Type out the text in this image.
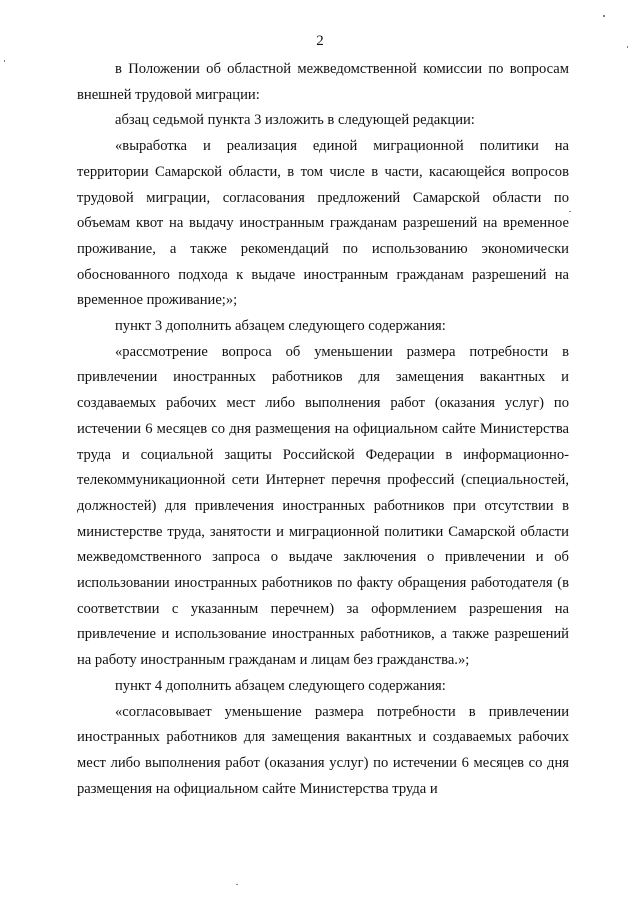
2

в Положении об областной межведомственной комиссии по вопросам внешней трудовой миграции:

абзац седьмой пункта 3 изложить в следующей редакции:

«выработка и реализация единой миграционной политики на территории Самарской области, в том числе в части, касающейся вопросов трудовой миграции, согласования предложений Самарской области по объемам квот на выдачу иностранным гражданам разрешений на временное проживание, а также рекомендаций по использованию экономически обоснованного подхода к выдаче иностранным гражданам разрешений на временное проживание;»;

пункт 3 дополнить абзацем следующего содержания:

«рассмотрение вопроса об уменьшении размера потребности в привлечении иностранных работников для замещения вакантных и создаваемых рабочих мест либо выполнения работ (оказания услуг) по истечении 6 месяцев со дня размещения на официальном сайте Министерства труда и социальной защиты Российской Федерации в информационно-телекоммуникационной сети Интернет перечня профессий (специальностей, должностей) для привлечения иностранных работников при отсутствии в министерстве труда, занятости и миграционной политики Самарской области межведомственного запроса о выдаче заключения о привлечении и об использовании иностранных работников по факту обращения работодателя (в соответствии с указанным перечнем) за оформлением разрешения на привлечение и использование иностранных работников, а также разрешений на работу иностранным гражданам и лицам без гражданства.»;

пункт 4 дополнить абзацем следующего содержания:

«согласовывает уменьшение размера потребности в привлечении иностранных работников для замещения вакантных и создаваемых рабочих мест либо выполнения работ (оказания услуг) по истечении 6 месяцев со дня размещения на официальном сайте Министерства труда и
